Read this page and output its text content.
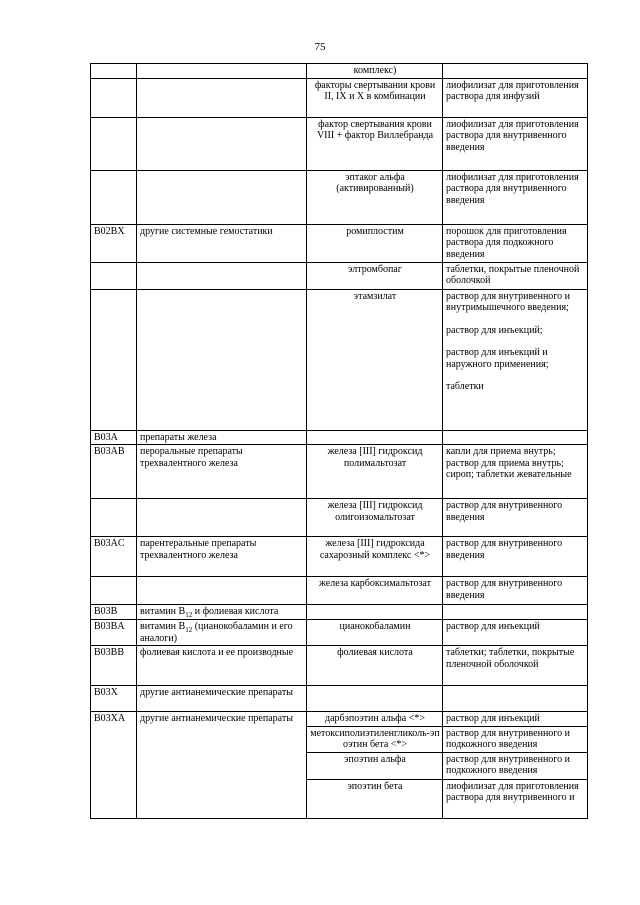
75
		комплекс)	

		факторы свертывания крови II, IX и X в комбинации	лиофилизат для приготовления раствора для инфузий

		фактор свертывания крови VIII + фактор Виллебранда	лиофилизат для приготовления раствора для внутривенного введения

		эптаког альфа (активированный)	лиофилизат для приготовления раствора для внутривенного введения

B02BX	другие системные гемостатики	ромиплостим	порошок для приготовления раствора для подкожного введения

		элтромбопаг	таблетки, покрытые пленочной оболочкой

		этамзилат	раствор для внутривенного и внутримышечного введения;
раствор для инъекций;
раствор для инъекций и наружного применения;
таблетки

B03A	препараты железа		

B03AB	пероральные препараты трехвалентного железа	железа [III] гидроксид полимальтозат	капли для приема внутрь; раствор для приема внутрь; сироп; таблетки жевательные

		железа [III] гидроксид олигоизомальтозат	раствор для внутривенного введения

B03AC	парентеральные препараты трехвалентного железа	железа [III] гидроксида сахарозный комплекс <*>	раствор для внутривенного введения

		железа карбоксимальтозат	раствор для внутривенного введения

B03B	витамин $B_{12}$ и фолиевая кислота		

B03BA	витамин $B_{12}$ (цианокобаламин и его аналоги)	цианокобаламин	раствор для инъекций

B03BB	фолиевая кислота и ее производные	фолиевая кислота	таблетки; таблетки, покрытые пленочной оболочкой

B03X	другие антианемические препараты		

B03XA	другие антианемические препараты	дарбэпоэтин альфа <*>	раствор для инъекций

		метоксиполиэтиленгликоль-эпоэтин бета <*>	раствор для внутривенного и подкожного введения

		эпоэтин альфа	раствор для внутривенного и подкожного введения

		эпоэтин бета	лиофилизат для приготовления раствора для внутривенного и
